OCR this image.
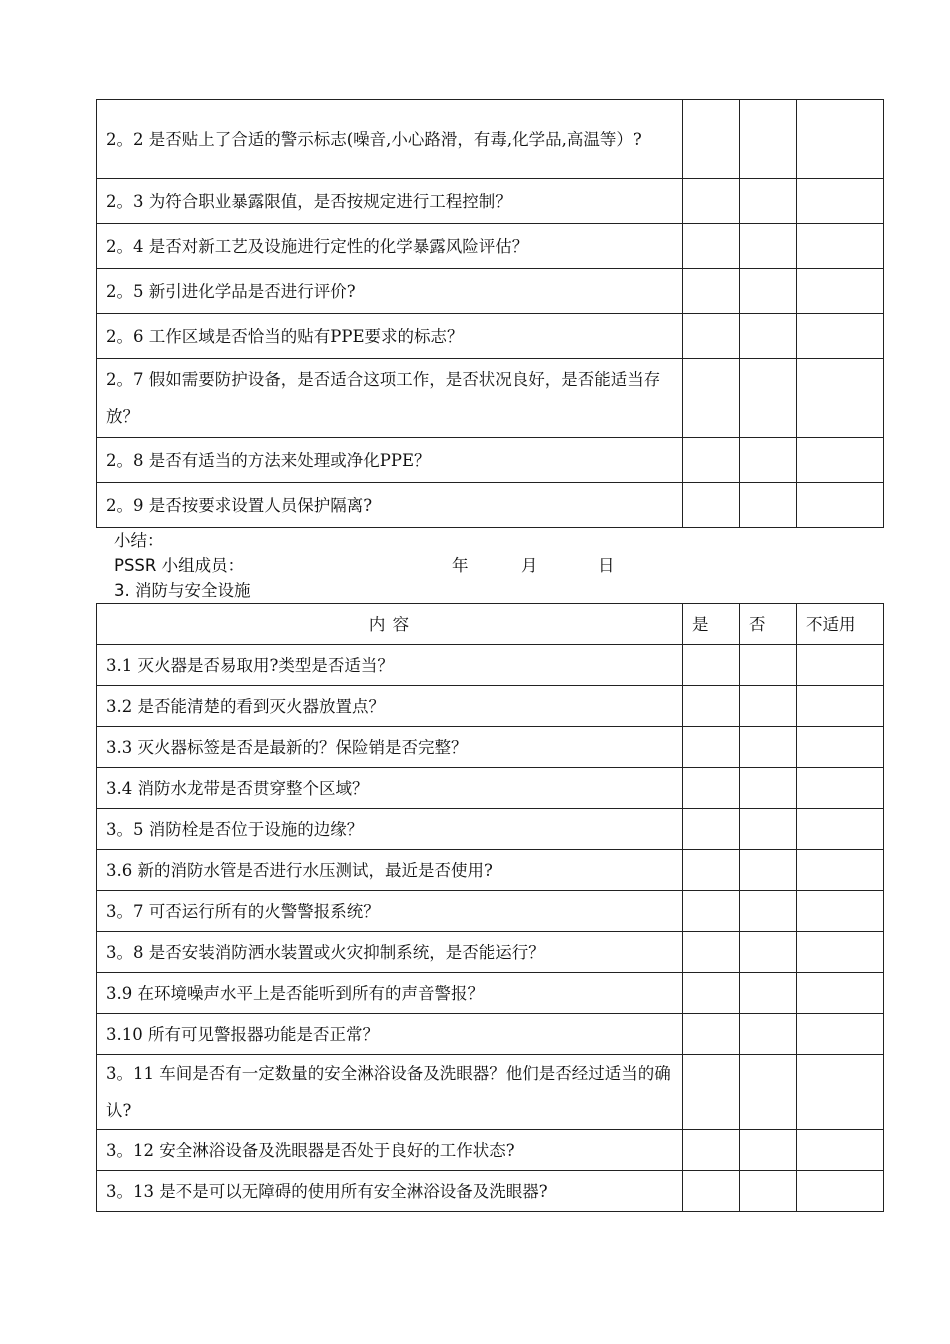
2。2 是否贴上了合适的警示标志(噪音,小心路滑，有毒,化学品,高温等）?			
2。3 为符合职业暴露限值，是否按规定进行工程控制？			
2。4 是否对新工艺及设施进行定性的化学暴露风险评估？			
2。5 新引进化学品是否进行评价?			
2。6 工作区域是否恰当的贴有PPE要求的标志？			
2。7 假如需要防护设备，是否适合这项工作，是否状况良好，是否能适当存放？			
2。8 是否有适当的方法来处理或净化PPE？			
2。9 是否按要求设置人员保护隔离?			
小结：
PSSR 小组成员：	年	月	日
3. 消防与安全设施
内 容	是	否	不适用
3.1 灭火器是否易取用?类型是否适当？			
3.2 是否能清楚的看到灭火器放置点？			
3.3 灭火器标签是否是最新的？保险销是否完整？			
3.4 消防水龙带是否贯穿整个区域？			
3。5 消防栓是否位于设施的边缘？			
3.6 新的消防水管是否进行水压测试，最近是否使用?			
3。7 可否运行所有的火警警报系统？			
3。8 是否安装消防洒水装置或火灾抑制系统，是否能运行？			
3.9 在环境噪声水平上是否能听到所有的声音警报？			
3.10 所有可见警报器功能是否正常？			
3。11 车间是否有一定数量的安全淋浴设备及洗眼器？他们是否经过适当的确认?			
3。12 安全淋浴设备及洗眼器是否处于良好的工作状态?			
3。13 是不是可以无障碍的使用所有安全淋浴设备及洗眼器?			
